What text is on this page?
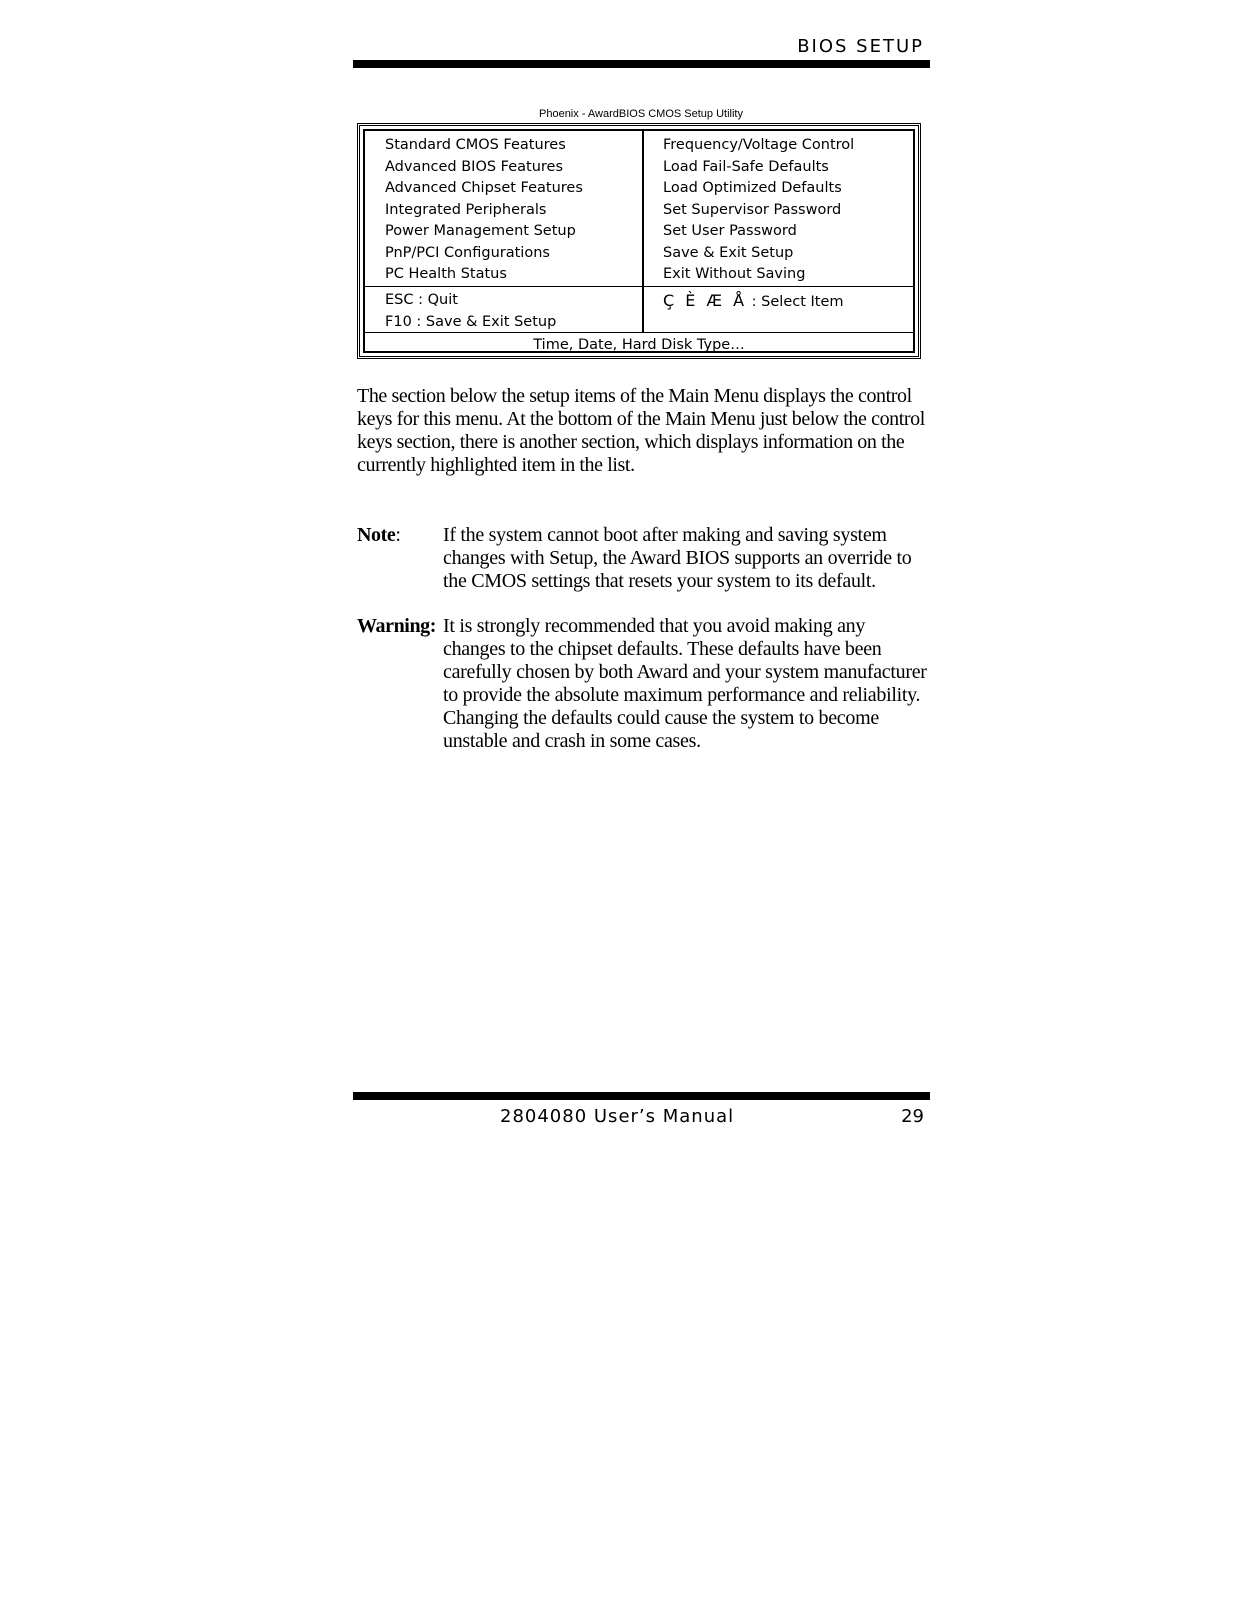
BIOS SETUP
Phoenix - AwardBIOS CMOS Setup Utility
Standard CMOS Features
Advanced BIOS Features
Advanced Chipset Features
Integrated Peripherals
Power Management Setup
PnP/PCI Configurations
PC Health Status
Frequency/Voltage Control
Load Fail-Safe Defaults
Load Optimized Defaults
Set Supervisor Password
Set User Password
Save & Exit Setup
Exit Without Saving
ESC : Quit
F10 : Save & Exit Setup
Ç È Æ Å : Select Item
Time, Date, Hard Disk Type…
The section below the setup items of the Main Menu displays the control keys for this menu. At the bottom of the Main Menu just below the control keys section, there is another section, which displays information on the currently highlighted item in the list.
Note: If the system cannot boot after making and saving system changes with Setup, the Award BIOS supports an override to the CMOS settings that resets your system to its default.
Warning: It is strongly recommended that you avoid making any changes to the chipset defaults. These defaults have been carefully chosen by both Award and your system manufacturer to provide the absolute maximum performance and reliability. Changing the defaults could cause the system to become unstable and crash in some cases.
2804080 User’s Manual	29
